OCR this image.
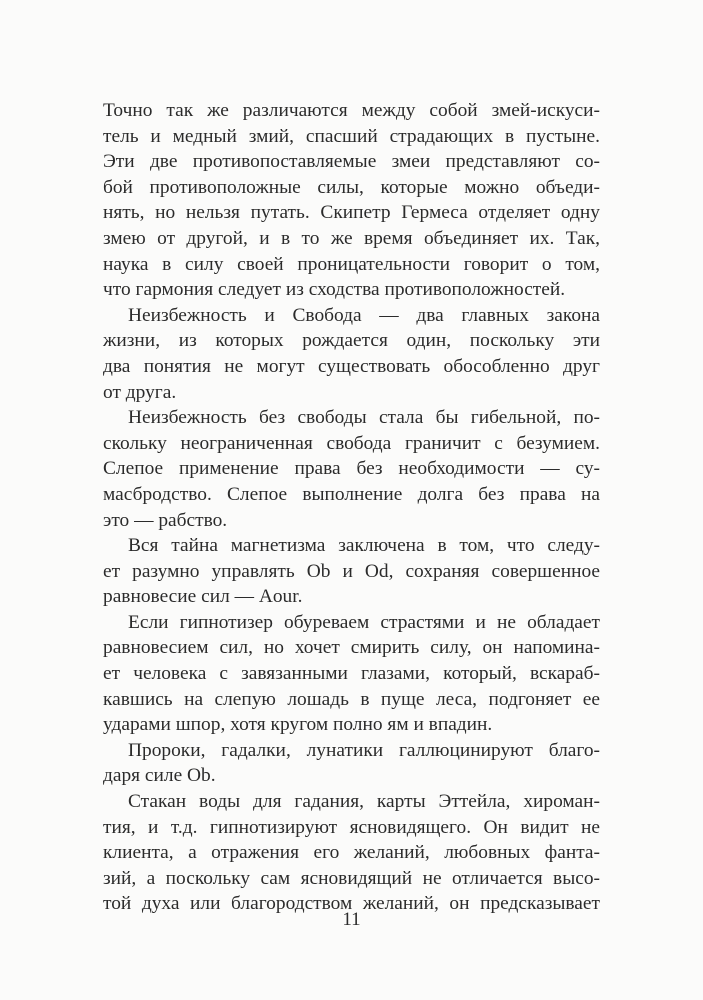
Точно так же различаются между собой змей-искуси-
тель и медный змий, спасший страдающих в пустыне.
Эти две противопоставляемые змеи представляют со-
бой противоположные силы, которые можно объеди-
нять, но нельзя путать. Скипетр Гермеса отделяет одну
змею от другой, и в то же время объединяет их. Так,
наука в силу своей проницательности говорит о том,
что гармония следует из сходства противоположностей.
Неизбежность и Свобода — два главных закона
жизни, из которых рождается один, поскольку эти
два понятия не могут существовать обособленно друг
от друга.
Неизбежность без свободы стала бы гибельной, по-
скольку неограниченная свобода граничит с безумием.
Слепое применение права без необходимости — су-
масбродство. Слепое выполнение долга без права на
это — рабство.
Вся тайна магнетизма заключена в том, что следу-
ет разумно управлять Ob и Od, сохраняя совершенное
равновесие сил — Aour.
Если гипнотизер обуреваем страстями и не обладает
равновесием сил, но хочет смирить силу, он напомина-
ет человека с завязанными глазами, который, вскараб-
кавшись на слепую лошадь в пуще леса, подгоняет ее
ударами шпор, хотя кругом полно ям и впадин.
Пророки, гадалки, лунатики галлюцинируют благо-
даря силе Ob.
Стакан воды для гадания, карты Эттейла, хироман-
тия, и т.д. гипнотизируют ясновидящего. Он видит не
клиента, а отражения его желаний, любовных фанта-
зий, а поскольку сам ясновидящий не отличается высо-
той духа или благородством желаний, он предсказывает
11
